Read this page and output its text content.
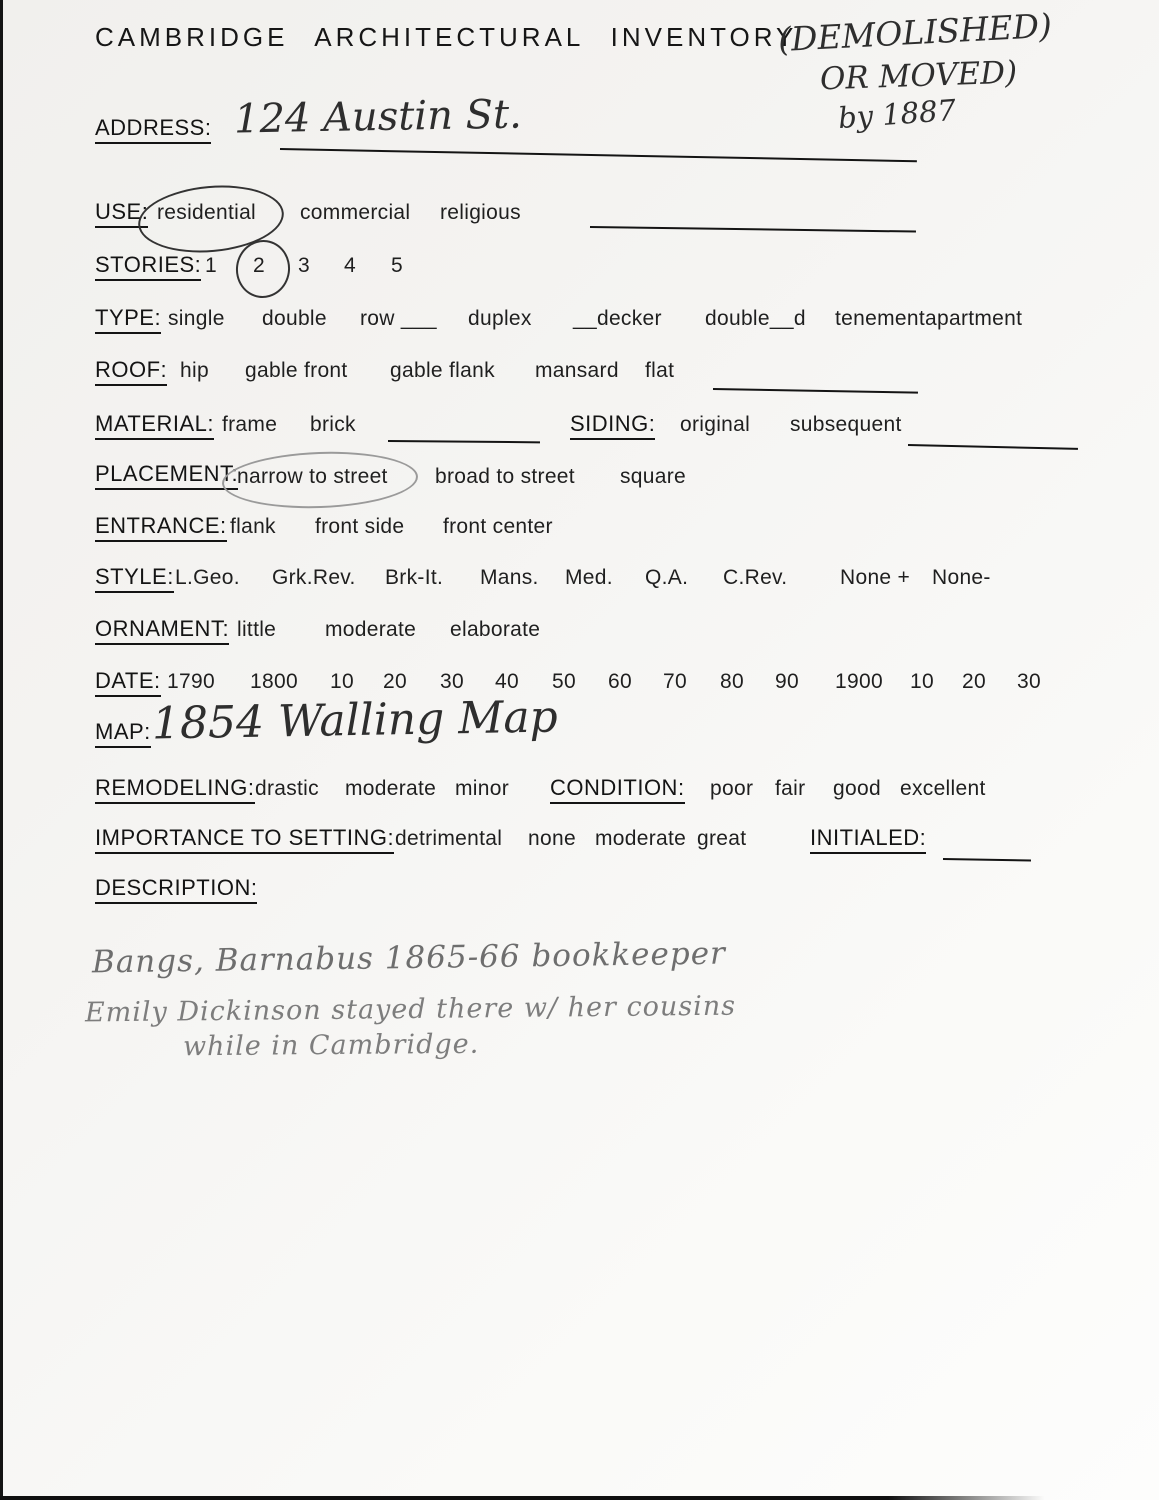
CAMBRIDGE ARCHITECTURAL INVENTORY
(DEMOLISHED)
OR MOVED)
by 1887
ADDRESS: 124 Austin St.
USE: residential commercial religious
STORIES: 1 2 3 4 5
TYPE: single double row ___ duplex __decker double__d tenement apartment
ROOF: hip gable front gable flank mansard flat
MATERIAL: frame brick	SIDING: original subsequent
PLACEMENT:
narrow to street broad to street square
ENTRANCE: flank front side front center
STYLE: L.Geo. Grk.Rev. Brk-It. Mans. Med. Q.A. C.Rev.	None + None-
ORNAMENT: little moderate elaborate
DATE: 1790 1800 10 20 30 40 50 60 70 80 90 1900 10 20 30
MAP: 1854 Walling Map
REMODELING: drastic moderate minor CONDITION: poor fair good excellent
IMPORTANCE TO SETTING: detrimental none moderate great	INITIALED:
DESCRIPTION:
Bangs, Barnabus 1865-66 bookkeeper
Emily Dickinson stayed there w/ her cousins
while in Cambridge.
